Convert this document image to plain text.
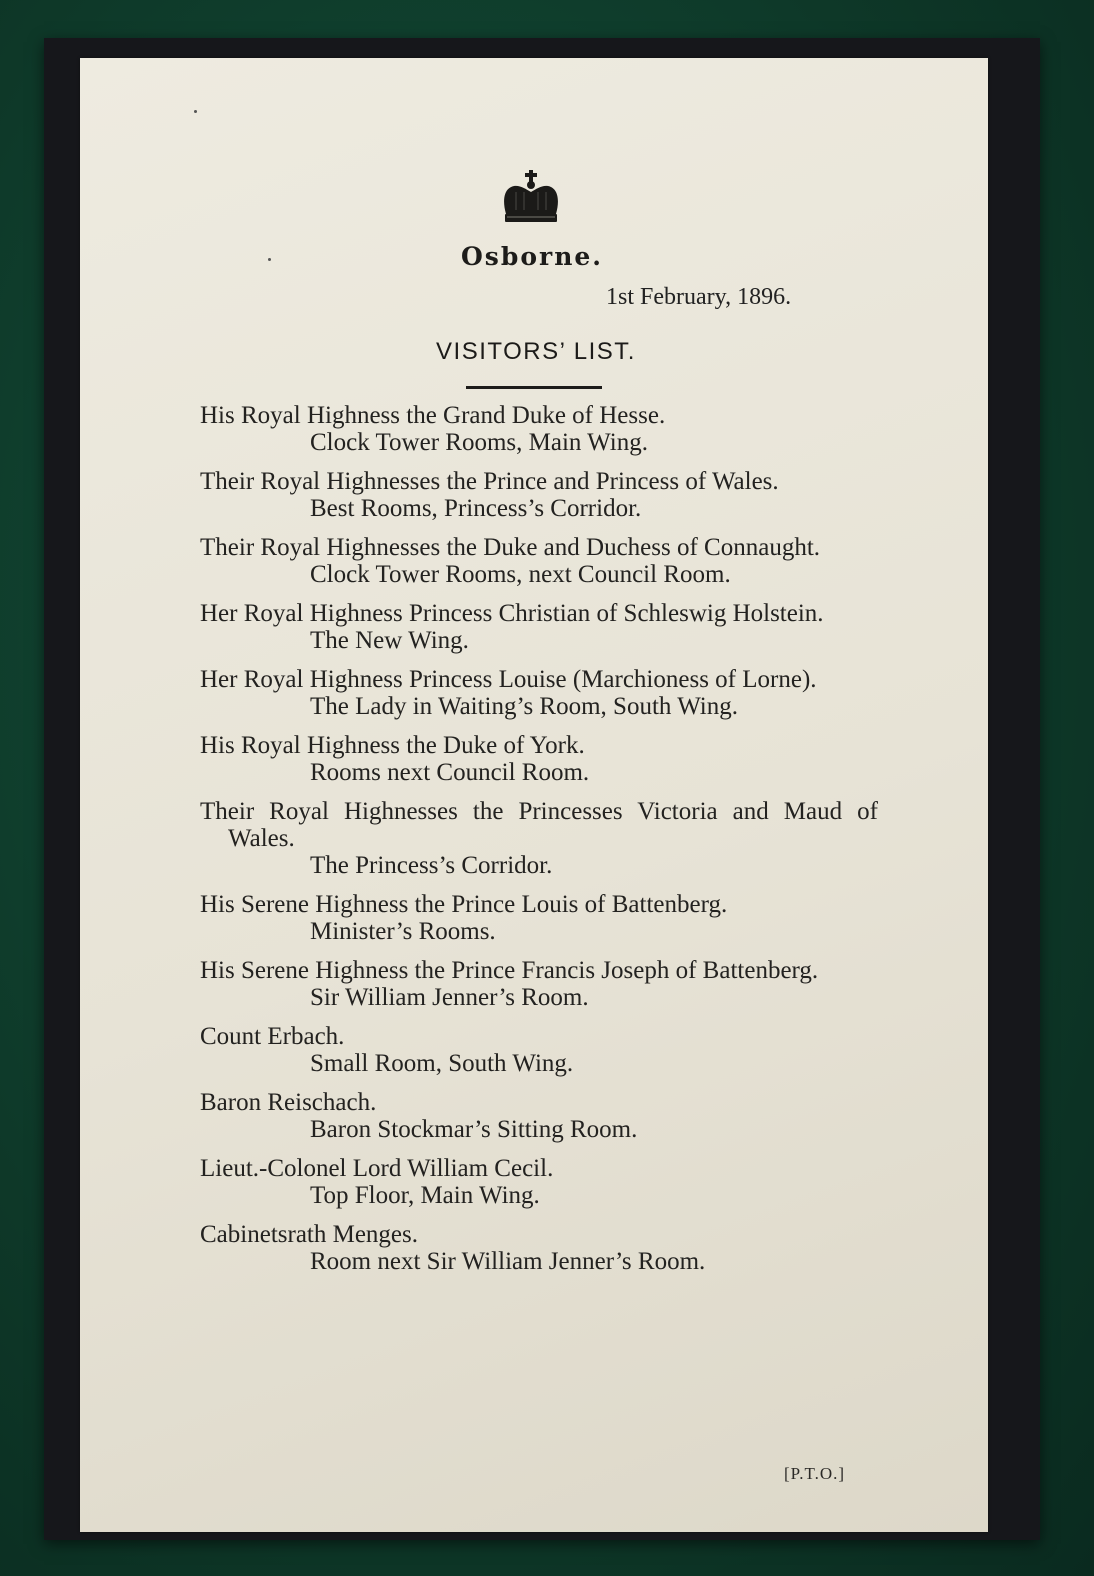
Osborne.
1st February, 1896.
VISITORS’ LIST.

His Royal Highness the Grand Duke of Hesse.

Clock Tower Rooms, Main Wing.

Their Royal Highnesses the Prince and Princess of Wales.

Best Rooms, Princess’s Corridor.

Their Royal Highnesses the Duke and Duchess of Connaught.

Clock Tower Rooms, next Council Room.

Her Royal Highness Princess Christian of Schleswig Holstein.

The New Wing.

Her Royal Highness Princess Louise (Marchioness of Lorne).

The Lady in Waiting’s Room, South Wing.

His Royal Highness the Duke of York.

Rooms next Council Room.

Their Royal Highnesses the Princesses Victoria and Maud of Wales.

The Princess’s Corridor.

His Serene Highness the Prince Louis of Battenberg.

Minister’s Rooms.

His Serene Highness the Prince Francis Joseph of Battenberg.

Sir William Jenner’s Room.

Count Erbach.

Small Room, South Wing.

Baron Reischach.

Baron Stockmar’s Sitting Room.

Lieut.-Colonel Lord William Cecil.

Top Floor, Main Wing.

Cabinetsrath Menges.

Room next Sir William Jenner’s Room.

[P.T.O.]
